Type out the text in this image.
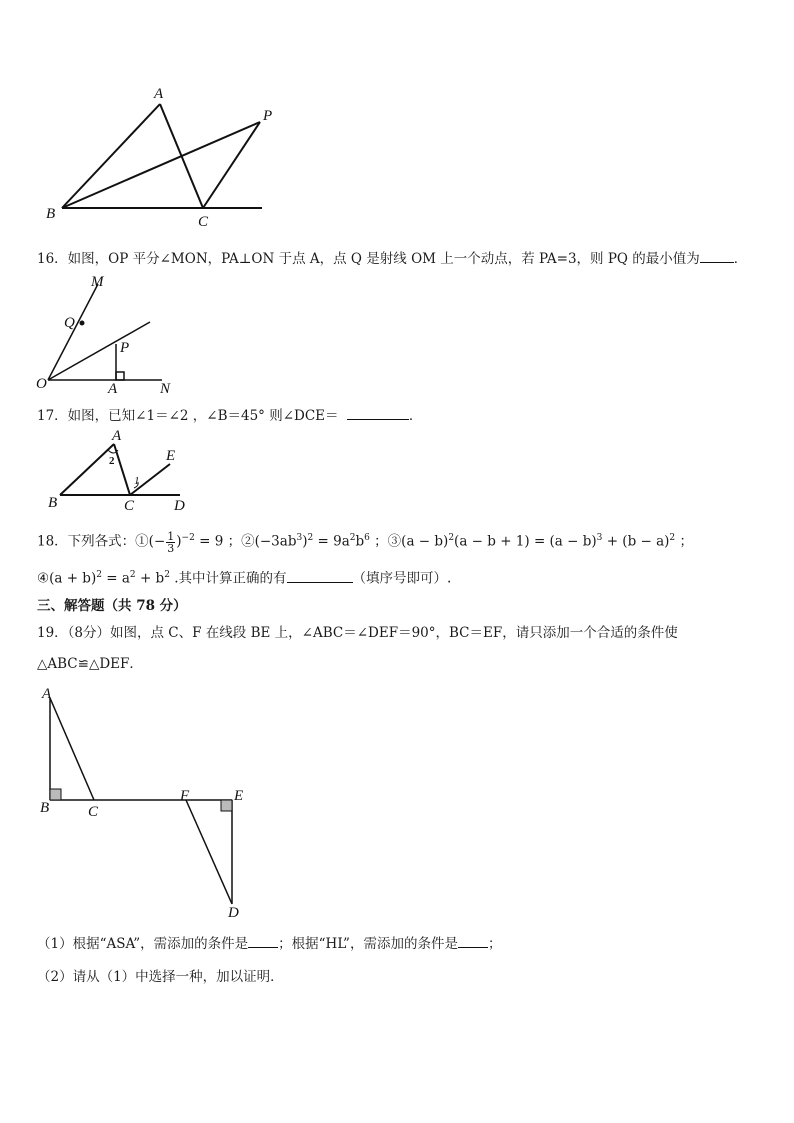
A
B	C
P
16．如图，OP 平分∠MON，PA⊥ON 于点 A，点 Q 是射线 OM 上一个动点，若 PA=3，则 PQ 的最小值为	．
M
Q
P
O	A	N
17．如图，已知∠1＝∠2 ，∠B＝45° 则∠DCE＝	．
A
2
1
E
B	C	D
18．下列各式：①(− $\frac{1}{3} )^{-2} = 9$ ；$②(-3ab^3)^2 = 9a^2b^6$ ；③(a − $b)^2(a - b + 1) = (a - b)^3 + (b - a)^2$ ；
④(a + $b)^2 = a^2 + b^2$ .其中计算正确的有	（填序号即可）.
三、解答题（共 78 分）
19．（8分）如图，点 C、F 在线段 BE 上，∠ABC＝∠DEF＝90°，BC＝EF，请只添加一个合适的条件使
△ABC≌△DEF．
A
B	C
F	E
D
（1）根据“ASA”，需添加的条件是 ；根据“HL”，需添加的条件是 ；
（2）请从（1）中选择一种，加以证明．
